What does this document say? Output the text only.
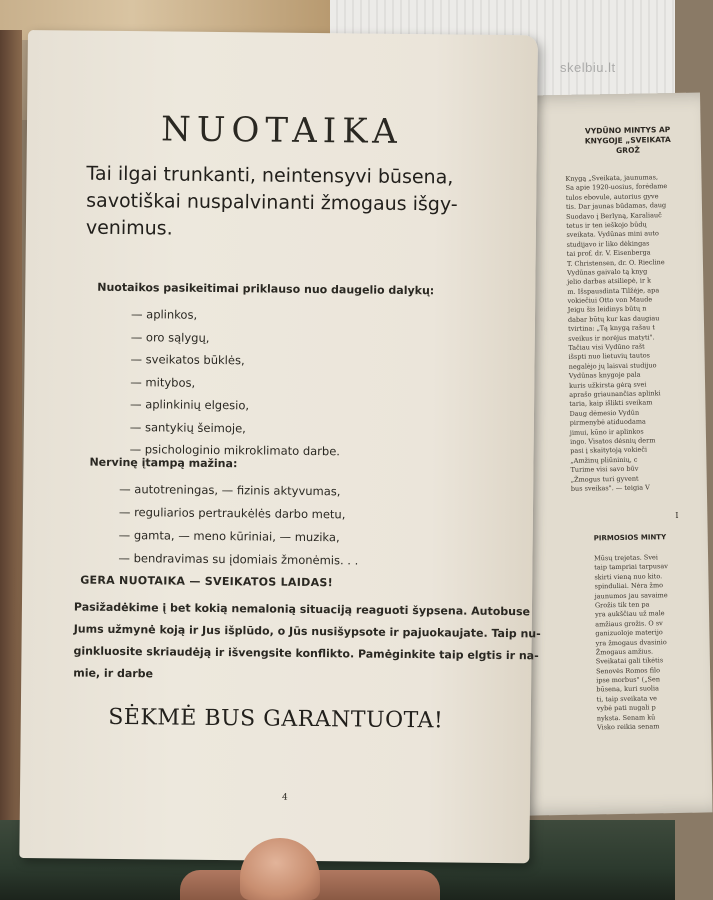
VYDŪNO MINTYS AP
KNYGOJE „SVEIKATA
GROŽ
Knygą „Sveikata, jaunumas,
Sa apie 1920-uosius, forėdame
tulos ebovule, autorius gyve
tis. Dar jaunas būdamas, daug
Suodavo į Berlyną, Karaliauč
tetus ir ten ieškojo būdų
sveikata. Vydūnas mini auto
studijavo ir liko dėkingas
tai prof. dr. V. Eisenberga
T. Christensen, dr. O. Riecline
Vydūnas gaivalo tą knyg
jelio darbas atsiliepė, ir k
m. Išspausdinta Tilžėje, apa
vokiečiui Otto von Maude
Jeigu šis leidinys būtų n
dabar būtų kur kas daugiau
tvirtina: „Tą knygą rašau t
sveikus ir norėjus matyti".
Tačiau visi Vydūno rašt
išspti nuo lietuvių tautos
negalėjo jų laisvai studijuo
Vydūnas knygoje pala
kuris užkirsta gėrą svei
aprašo griaunančias aplinki
taria, kaip išlikti sveikam
Daug dėmesio Vydūn
pirmenybė atiduodama
jimui, kūno ir aplinkos
ingo. Visatos dėsnių derm
pasi į skaitytoją vokieči
„Amžinų pliūninių, c
Turime visi savo būv
„Žmogus turi gyvent
bus sveikas". — teigia V
I
PIRMOSIOS MINTY
Mūsų trejetas. Svei
taip tampriai tarpusav
skirti vieną nuo kito.
spinduliai. Nėra žmo
jaunumos jau savaime
Grožis tik ten pa
yra aukščiau už male
amžiaus grožis. O sv
ganizuoloje materijo
yra žmogaus dvasinio
Žmogaus amžius.
Sveikatai gali tikėtis
Senovės Romos filo
ipse morbus" („Sen
būsena, kuri suolia
ti, taip sveikata ve
vybė pati nugali p
nyksta. Senam kū
Visko reikia senam
skelbiu.lt
NUOTAIKA
Tai ilgai trunkanti, neintensyvi būsena,
savotiškai nuspalvinanti žmogaus išgy-
venimus.
Nuotaikos pasikeitimai priklauso nuo daugelio dalykų:
— aplinkos,
— oro sąlygų,
— sveikatos būklės,
— mitybos,
— aplinkinių elgesio,
— santykių šeimoje,
— psichologinio mikroklimato darbe.
Nervinę įtampą mažina:
— autotreningas, — fizinis aktyvumas,
— reguliarios pertraukėlės darbo metu,
— gamta, — meno kūriniai, — muzika,
— bendravimas su įdomiais žmonėmis. . .
GERA NUOTAIKA — SVEIKATOS LAIDAS!
Pasižadėkime į bet kokią nemalonią situaciją reaguoti šypsena. Autobuse
Jums užmynė koją ir Jus išplūdo, o Jūs nusišypsote ir pajuokaujate. Taip nu-
ginkluosite skriaudėją ir išvengsite konflikto. Pamėginkite taip elgtis ir na-
mie, ir darbe
SĖKMĖ BUS GARANTUOTA!
4
